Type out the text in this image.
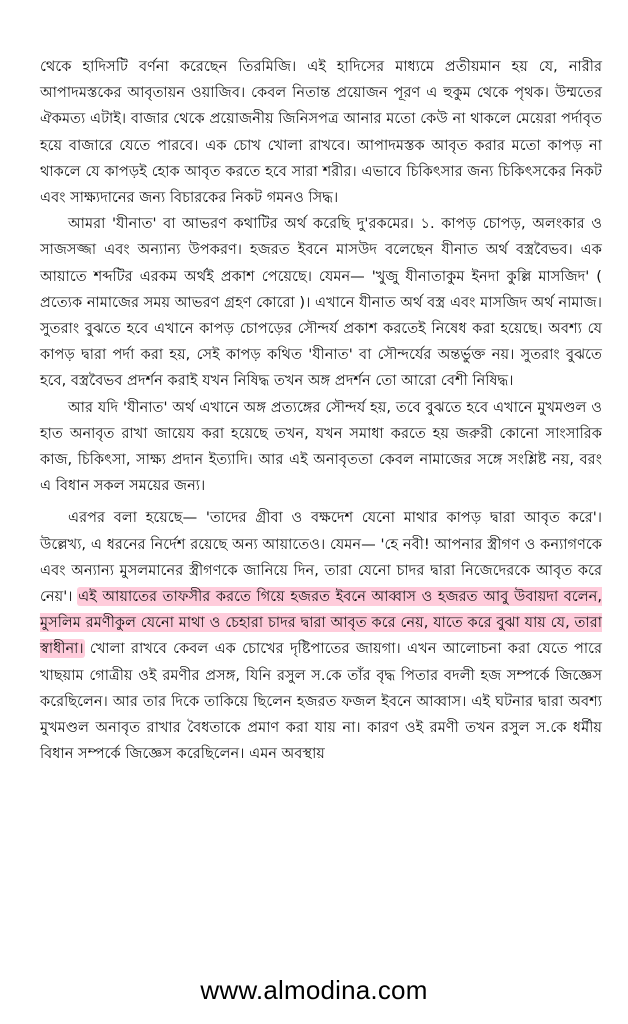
থেকে হাদিসটি বর্ণনা করেছেন তিরমিজি। এই হাদিসের মাধ্যমে প্রতীয়মান হয় যে, নারীর আপাদমস্তকের আবৃতায়ন ওয়াজিব। কেবল নিতান্ত প্রয়োজন পূরণ এ হুকুম থেকে পৃথক। উম্মতের ঐকমত্য এটাই। বাজার থেকে প্রয়োজনীয় জিনিসপত্র আনার মতো কেউ না থাকলে মেয়েরা পর্দাবৃত হয়ে বাজারে যেতে পারবে। এক চোখ খোলা রাখবে। আপাদমস্তক আবৃত করার মতো কাপড় না থাকলে যে কাপড়ই হোক আবৃত করতে হবে সারা শরীর। এভাবে চিকিৎসার জন্য চিকিৎসকের নিকট এবং সাক্ষ্যদানের জন্য বিচারকের নিকট গমনও সিদ্ধ।

আমরা 'যীনাত' বা আভরণ কথাটির অর্থ করেছি দু'রকমের। ১. কাপড় চোপড়, অলংকার ও সাজসজ্জা এবং অন্যান্য উপকরণ। হজরত ইবনে মাসউদ বলেছেন যীনাত অর্থ বস্ত্রবৈভব। এক আয়াতে শব্দটির এরকম অর্থই প্রকাশ পেয়েছে। যেমন— 'খুজু যীনাতাকুম ইনদা কুল্লি মাসজিদ' ( প্রত্যেক নামাজের সময় আভরণ গ্রহণ কোরো )। এখানে যীনাত অর্থ বস্ত্র এবং মাসজিদ অর্থ নামাজ। সুতরাং বুঝতে হবে এখানে কাপড় চোপড়ের সৌন্দর্য প্রকাশ করতেই নিষেধ করা হয়েছে। অবশ্য যে কাপড় দ্বারা পর্দা করা হয়, সেই কাপড় কথিত 'যীনাত' বা সৌন্দর্যের অন্তর্ভুক্ত নয়। সুতরাং বুঝতে হবে, বস্ত্রবৈভব প্রদর্শন করাই যখন নিষিদ্ধ তখন অঙ্গ প্রদর্শন তো আরো বেশী নিষিদ্ধ।

আর যদি 'যীনাত' অর্থ এখানে অঙ্গ প্রত্যঙ্গের সৌন্দর্য হয়, তবে বুঝতে হবে এখানে মুখমণ্ডল ও হাত অনাবৃত রাখা জায়েয করা হয়েছে তখন, যখন সমাধা করতে হয় জরুরী কোনো সাংসারিক কাজ, চিকিৎসা, সাক্ষ্য প্রদান ইত্যাদি। আর এই অনাবৃততা কেবল নামাজের সঙ্গে সংশ্লিষ্ট নয়, বরং এ বিধান সকল সময়ের জন্য।

এরপর বলা হয়েছে— 'তাদের গ্রীবা ও বক্ষদেশ যেনো মাথার কাপড় দ্বারা আবৃত করে'। উল্লেখ্য, এ ধরনের নির্দেশ রয়েছে অন্য আয়াতেও। যেমন— 'হে নবী! আপনার স্ত্রীগণ ও কন্যাগণকে এবং অন্যান্য মুসলমানের স্ত্রীগণকে জানিয়ে দিন, তারা যেনো চাদর দ্বারা নিজেদেরকে আবৃত করে নেয়'। এই আয়াতের তাফসীর করতে গিয়ে হজরত ইবনে আব্বাস ও হজরত আবু উবায়দা বলেন, মুসলিম রমণীকুল যেনো মাথা ও চেহারা চাদর দ্বারা আবৃত করে নেয়, যাতে করে বুঝা যায় যে, তারা স্বাধীনা। খোলা রাখবে কেবল এক চোখের দৃষ্টিপাতের জায়গা। এখন আলোচনা করা যেতে পারে খাছয়াম গোত্রীয় ওই রমণীর প্রসঙ্গ, যিনি রসুল স.কে তাঁর বৃদ্ধ পিতার বদলী হজ সম্পর্কে জিজ্ঞেস করেছিলেন। আর তার দিকে তাকিয়ে ছিলেন হজরত ফজল ইবনে আব্বাস। এই ঘটনার দ্বারা অবশ্য মুখমণ্ডল অনাবৃত রাখার বৈধতাকে প্রমাণ করা যায় না। কারণ ওই রমণী তখন রসুল স.কে ধর্মীয় বিধান সম্পর্কে জিজ্ঞেস করেছিলেন। এমন অবস্থায়

www.almodina.com
